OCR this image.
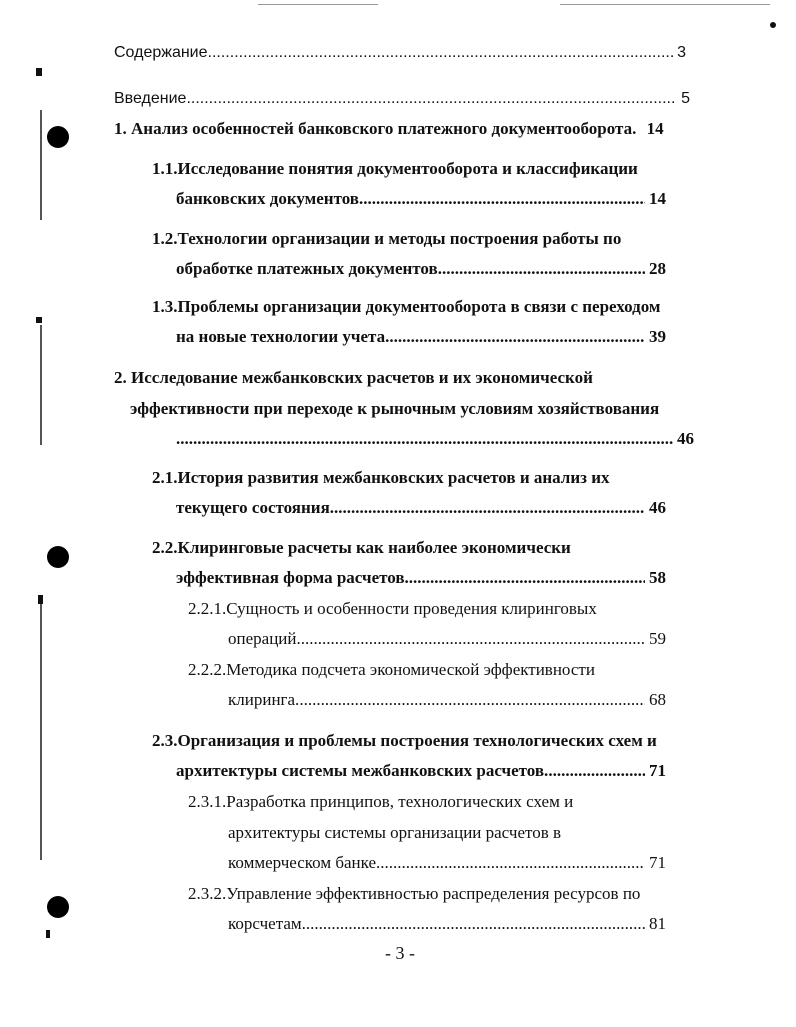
Содержание .....	3
Введение .....	5
1. Анализ особенностей банковского платежного документооборота. 14
1.1.Исследование понятия документооборота и классификации
банковских документов. .....	14
1.2.Технологии организации и методы построения работы по
обработке платежных документов. .....	28
1.3.Проблемы организации документооборота в связи с переходом
на новые технологии учета. .....	39
2. Исследование межбанковских расчетов и их экономической
эффективности при переходе к рыночным условиям хозяйствования
.....
46
2.1.История развития межбанковских расчетов и анализ их
текущего состояния .....	46
2.2.Клиринговые расчеты как наиболее экономически
эффективная форма расчетов. .....	58
2.2.1.Сущность и особенности проведения клиринговых
операций. .....	59
2.2.2.Методика подсчета экономической эффективности
клиринга. .....	68
2.3.Организация и проблемы построения технологических схем и
архитектуры системы межбанковских расчетов. .....	71
2.3.1.Разработка принципов, технологических схем и
архитектуры системы организации расчетов в
коммерческом банке. .....	71
2.3.2.Управление эффективностью распределения ресурсов по
корсчетам .....	81
- 3 -
